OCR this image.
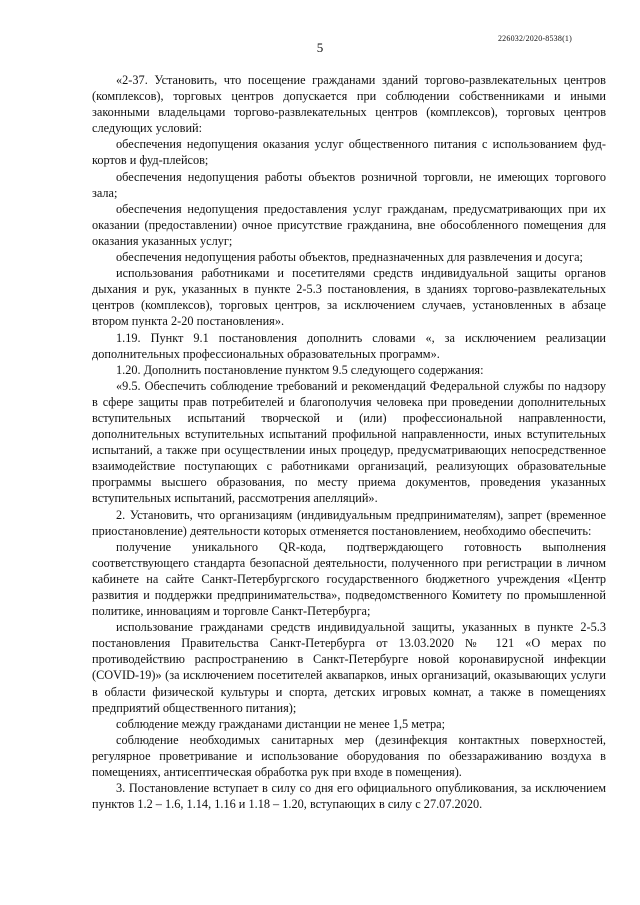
226032/2020-8538(1)
5

«2-37. Установить, что посещение гражданами зданий торгово-развлекательных центров (комплексов), торговых центров допускается при соблюдении собственниками и иными законными владельцами торгово-развлекательных центров (комплексов), торговых центров следующих условий:

обеспечения недопущения оказания услуг общественного питания с использованием фуд-кортов и фуд-плейсов;

обеспечения недопущения работы объектов розничной торговли, не имеющих торгового зала;

обеспечения недопущения предоставления услуг гражданам, предусматривающих при их оказании (предоставлении) очное присутствие гражданина, вне обособленного помещения для оказания указанных услуг;

обеспечения недопущения работы объектов, предназначенных для развлечения и досуга;

использования работниками и посетителями средств индивидуальной защиты органов дыхания и рук, указанных в пункте 2-5.3 постановления, в зданиях торгово-развлекательных центров (комплексов), торговых центров, за исключением случаев, установленных в абзаце втором пункта 2-20 постановления».

1.19. Пункт 9.1 постановления дополнить словами «, за исключением реализации дополнительных профессиональных образовательных программ».

1.20. Дополнить постановление пунктом 9.5 следующего содержания:

«9.5. Обеспечить соблюдение требований и рекомендаций Федеральной службы по надзору в сфере защиты прав потребителей и благополучия человека при проведении дополнительных вступительных испытаний творческой и (или) профессиональной направленности, дополнительных вступительных испытаний профильной направленности, иных вступительных испытаний, а также при осуществлении иных процедур, предусматривающих непосредственное взаимодействие поступающих с работниками организаций, реализующих образовательные программы высшего образования, по месту приема документов, проведения указанных вступительных испытаний, рассмотрения апелляций».

2. Установить, что организациям (индивидуальным предпринимателям), запрет (временное приостановление) деятельности которых отменяется постановлением, необходимо обеспечить:

получение уникального QR-кода, подтверждающего готовность выполнения соответствующего стандарта безопасной деятельности, полученного при регистрации в личном кабинете на сайте Санкт-Петербургского государственного бюджетного учреждения «Центр развития и поддержки предпринимательства», подведомственного Комитету по промышленной политике, инновациям и торговле Санкт-Петербурга;

использование гражданами средств индивидуальной защиты, указанных в пункте 2-5.3 постановления Правительства Санкт-Петербурга от 13.03.2020 № 121 «О мерах по противодействию распространению в Санкт-Петербурге новой коронавирусной инфекции (COVID-19)» (за исключением посетителей аквапарков, иных организаций, оказывающих услуги в области физической культуры и спорта, детских игровых комнат, а также в помещениях предприятий общественного питания);

соблюдение между гражданами дистанции не менее 1,5 метра;

соблюдение необходимых санитарных мер (дезинфекция контактных поверхностей, регулярное проветривание и использование оборудования по обеззараживанию воздуха в помещениях, антисептическая обработка рук при входе в помещения).

3. Постановление вступает в силу со дня его официального опубликования, за исключением пунктов 1.2 – 1.6, 1.14, 1.16 и 1.18 – 1.20, вступающих в силу с 27.07.2020.
